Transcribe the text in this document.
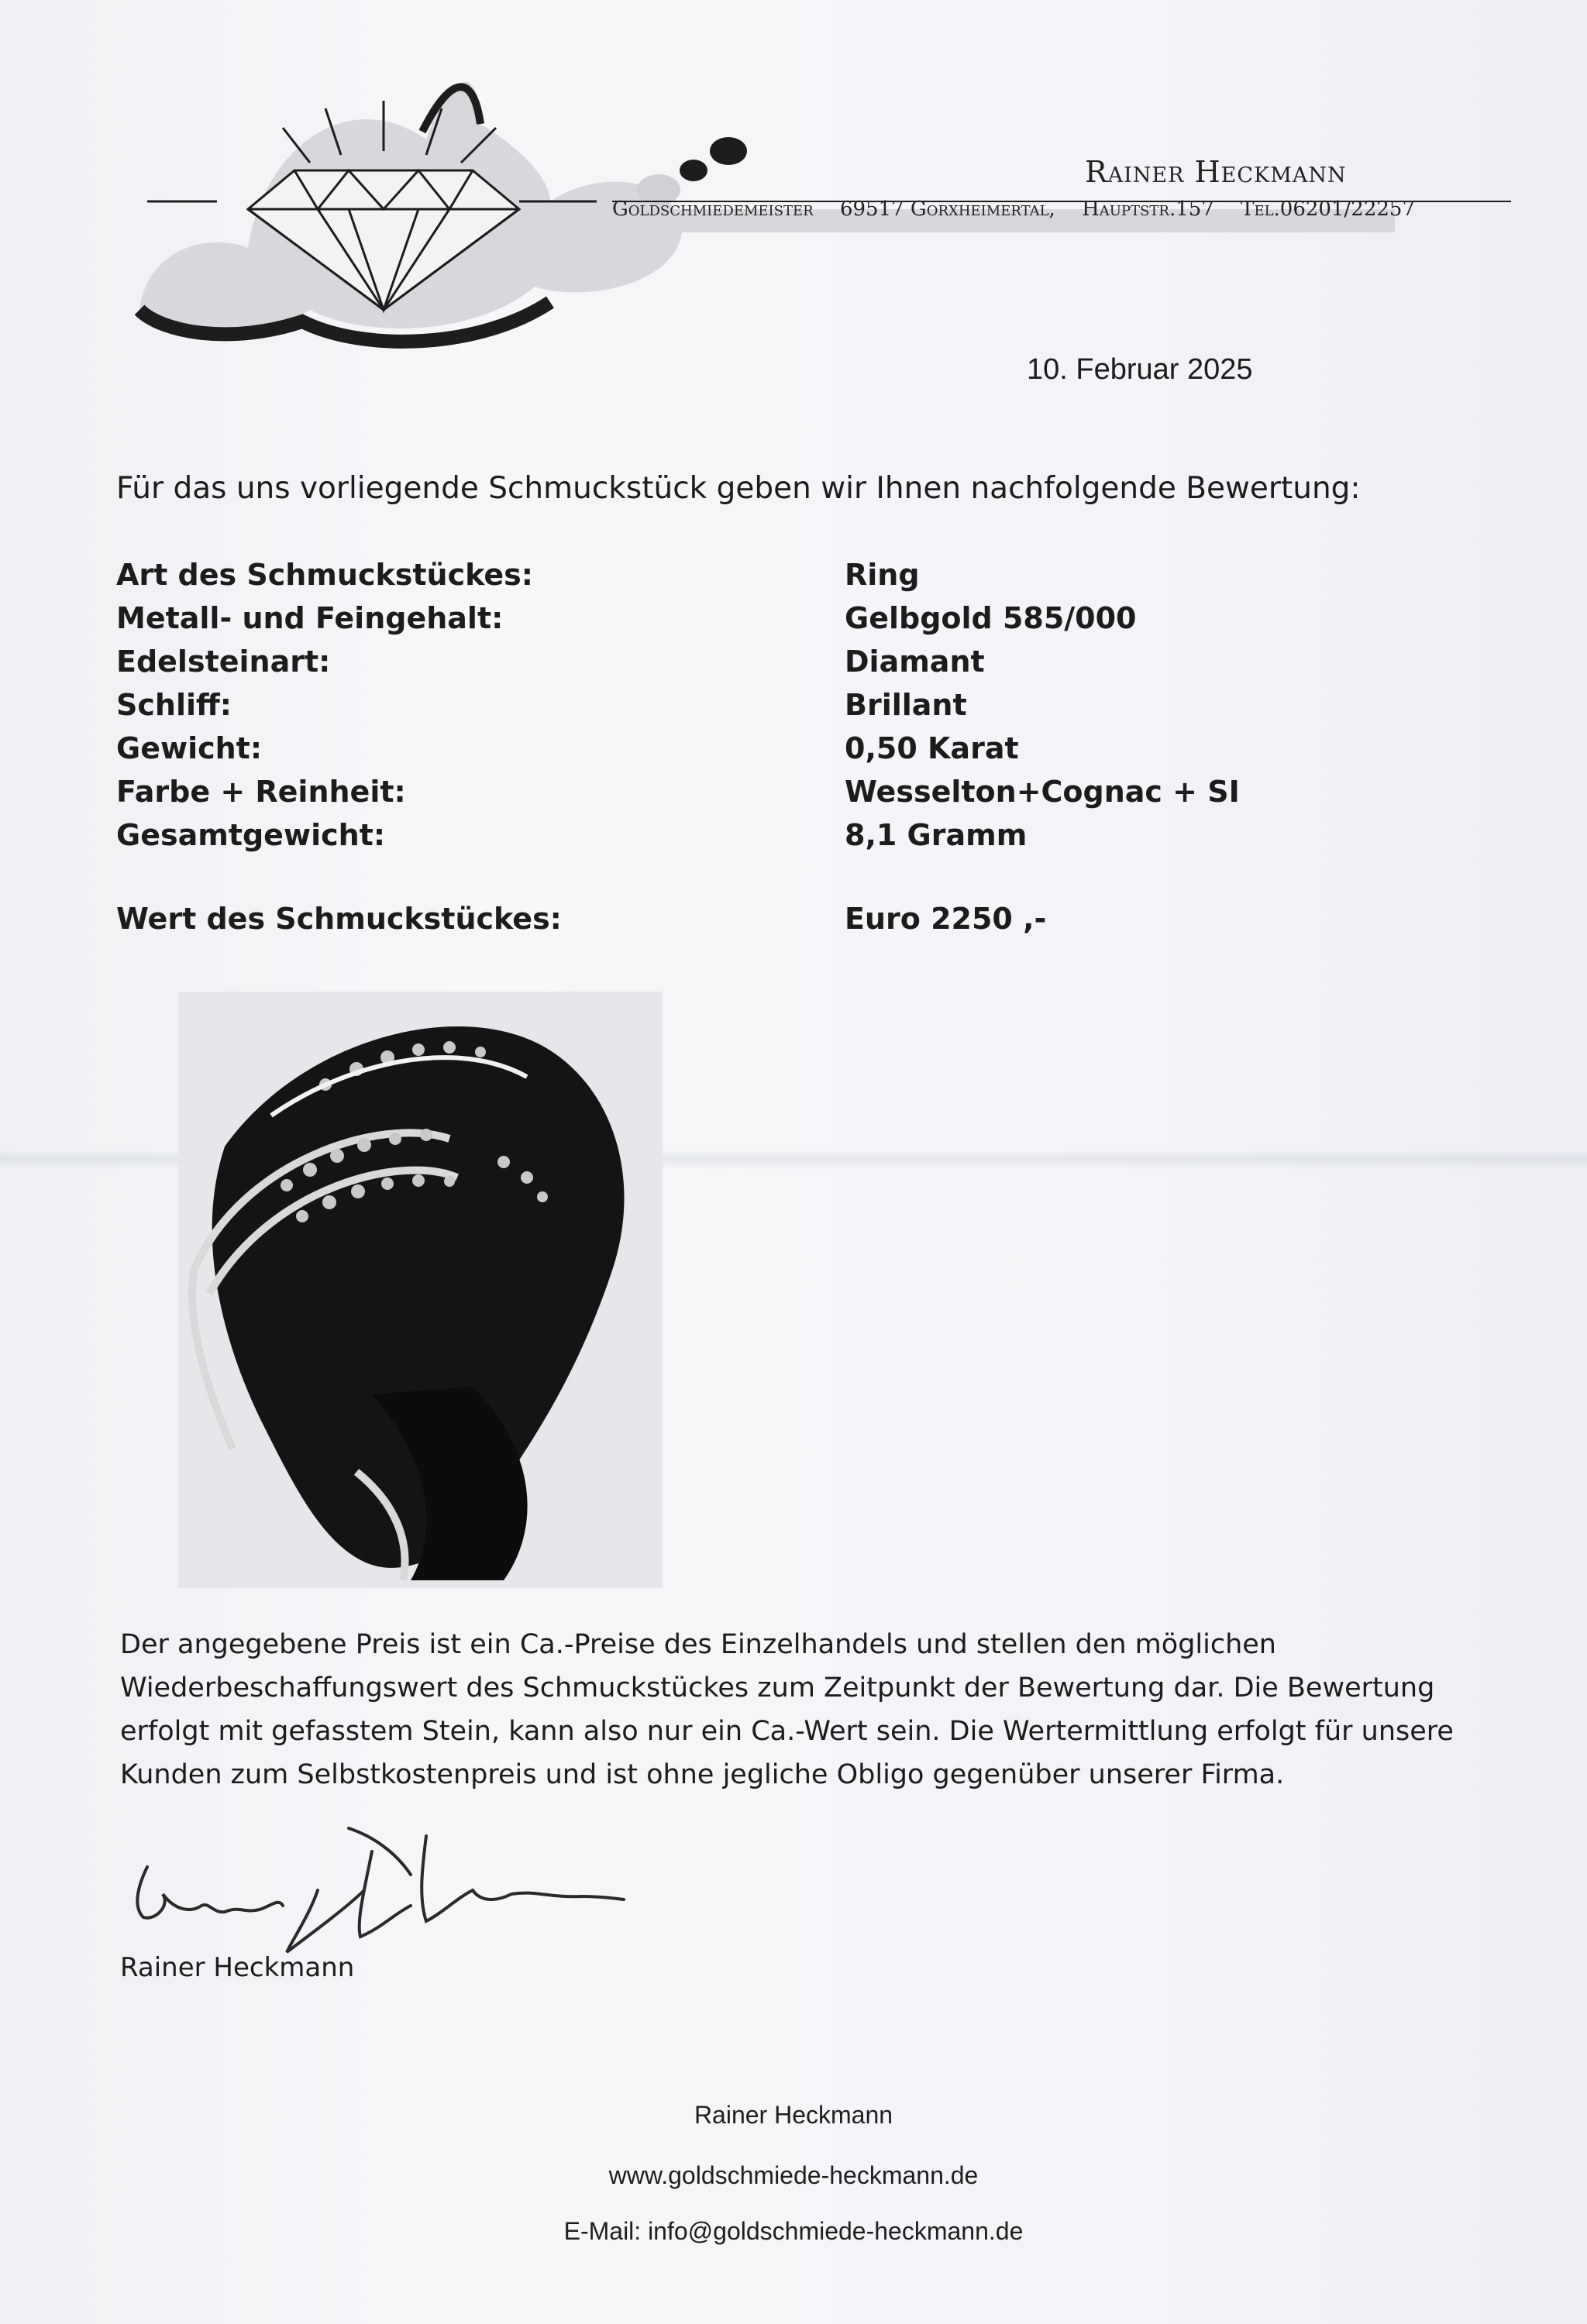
Rainer Heckmann
Goldschmiedemeister 69517 Gorxheimertal, Hauptstr.157 Tel.06201/22257
10. Februar 2025
Für das uns vorliegende Schmuckstück geben wir Ihnen nachfolgende Bewertung:
Art des Schmuckstückes:	Ring
Metall- und Feingehalt:	Gelbgold 585/000
Edelsteinart:	Diamant
Schliff:	Brillant
Gewicht:	0,50 Karat
Farbe + Reinheit:	Wesselton+Cognac + SI
Gesamtgewicht:	8,1 Gramm
Wert des Schmuckstückes:	Euro 2250 ,-
Der angegebene Preis ist ein Ca.-Preise des Einzelhandels und stellen den möglichen
Wiederbeschaffungswert des Schmuckstückes zum Zeitpunkt der Bewertung dar. Die Bewertung
erfolgt mit gefasstem Stein, kann also nur ein Ca.-Wert sein. Die Wertermittlung erfolgt für unsere
Kunden zum Selbstkostenpreis und ist ohne jegliche Obligo gegenüber unserer Firma.
Rainer Heckmann
Rainer Heckmann
www.goldschmiede-heckmann.de
E-Mail: info@goldschmiede-heckmann.de
